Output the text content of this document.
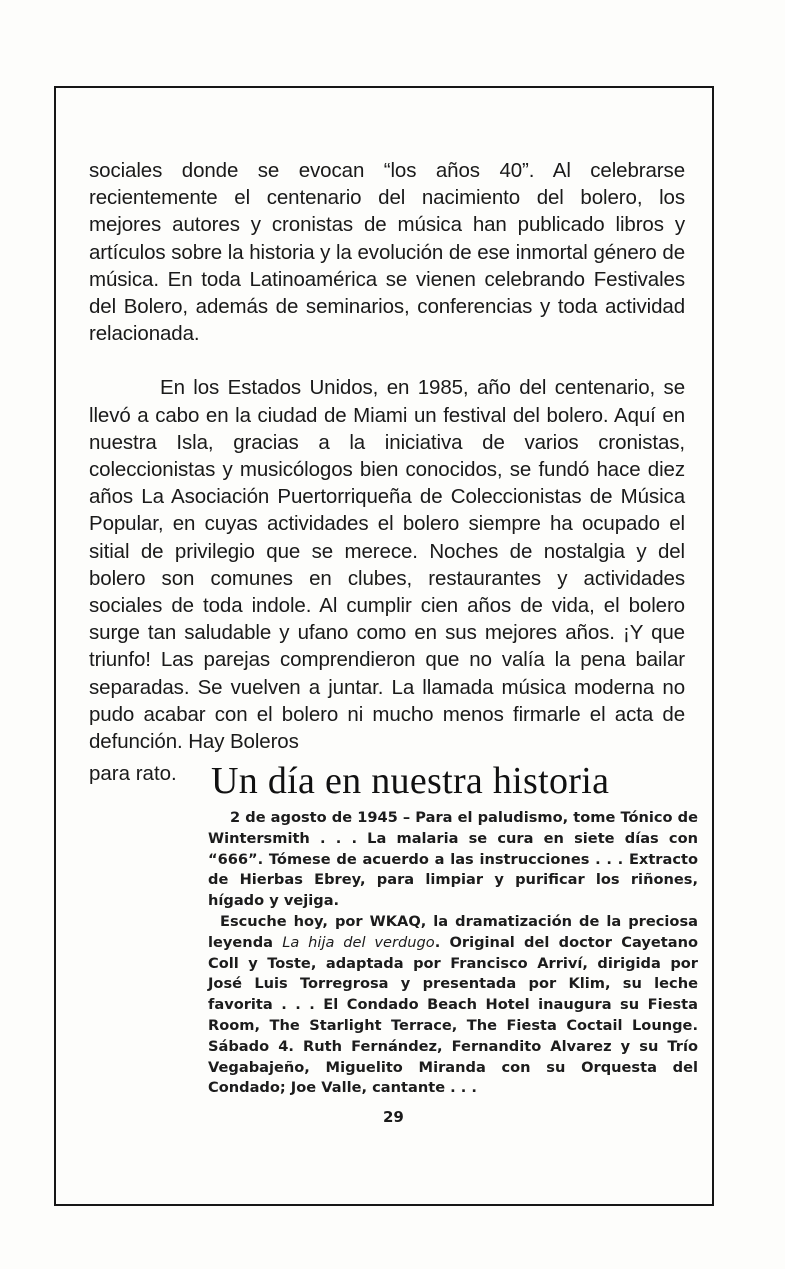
sociales donde se evocan “los años 40”. Al celebrarse recientemente el centenario del nacimiento del bolero, los mejores autores y cronistas de música han publicado libros y artículos sobre la historia y la evolución de ese inmortal género de música. En toda Latinoamérica se vienen celebrando Festivales del Bolero, además de seminarios, conferencias y toda actividad relacionada.

En los Estados Unidos, en 1985, año del centenario, se llevó a cabo en la ciudad de Miami un festival del bolero. Aquí en nuestra Isla, gracias a la iniciativa de varios cronistas, coleccionistas y musicólogos bien conocidos, se fundó hace diez años La Asociación Puertorriqueña de Coleccionistas de Música Popular, en cuyas actividades el bolero siempre ha ocupado el sitial de privilegio que se merece. Noches de nostalgia y del bolero son comunes en clubes, restaurantes y actividades sociales de toda indole. Al cumplir cien años de vida, el bolero surge tan saludable y ufano como en sus mejores años. ¡Y que triunfo! Las parejas comprendieron que no valía la pena bailar separadas. Se vuelven a juntar. La llamada música moderna no pudo acabar con el bolero ni mucho menos firmarle el acta de defunción. Hay Boleros

para rato. Un día en nuestra historia

2 de agosto de 1945 – Para el paludismo, tome Tónico de Wintersmith . . . La malaria se cura en siete días con “666”. Tómese de acuerdo a las instrucciones . . . Extracto de Hierbas Ebrey, para limpiar y purificar los riñones, hígado y vejiga.

Escuche hoy, por WKAQ, la dramatización de la preciosa leyenda La hija del verdugo. Original del doctor Cayetano Coll y Toste, adaptada por Francisco Arriví, dirigida por José Luis Torregrosa y presentada por Klim, su leche favorita . . . El Condado Beach Hotel inaugura su Fiesta Room, The Starlight Terrace, The Fiesta Coctail Lounge. Sábado 4. Ruth Fernández, Fernandito Alvarez y su Trío Vegabajeño, Miguelito Miranda con su Orquesta del Condado; Joe Valle, cantante . . .

29
